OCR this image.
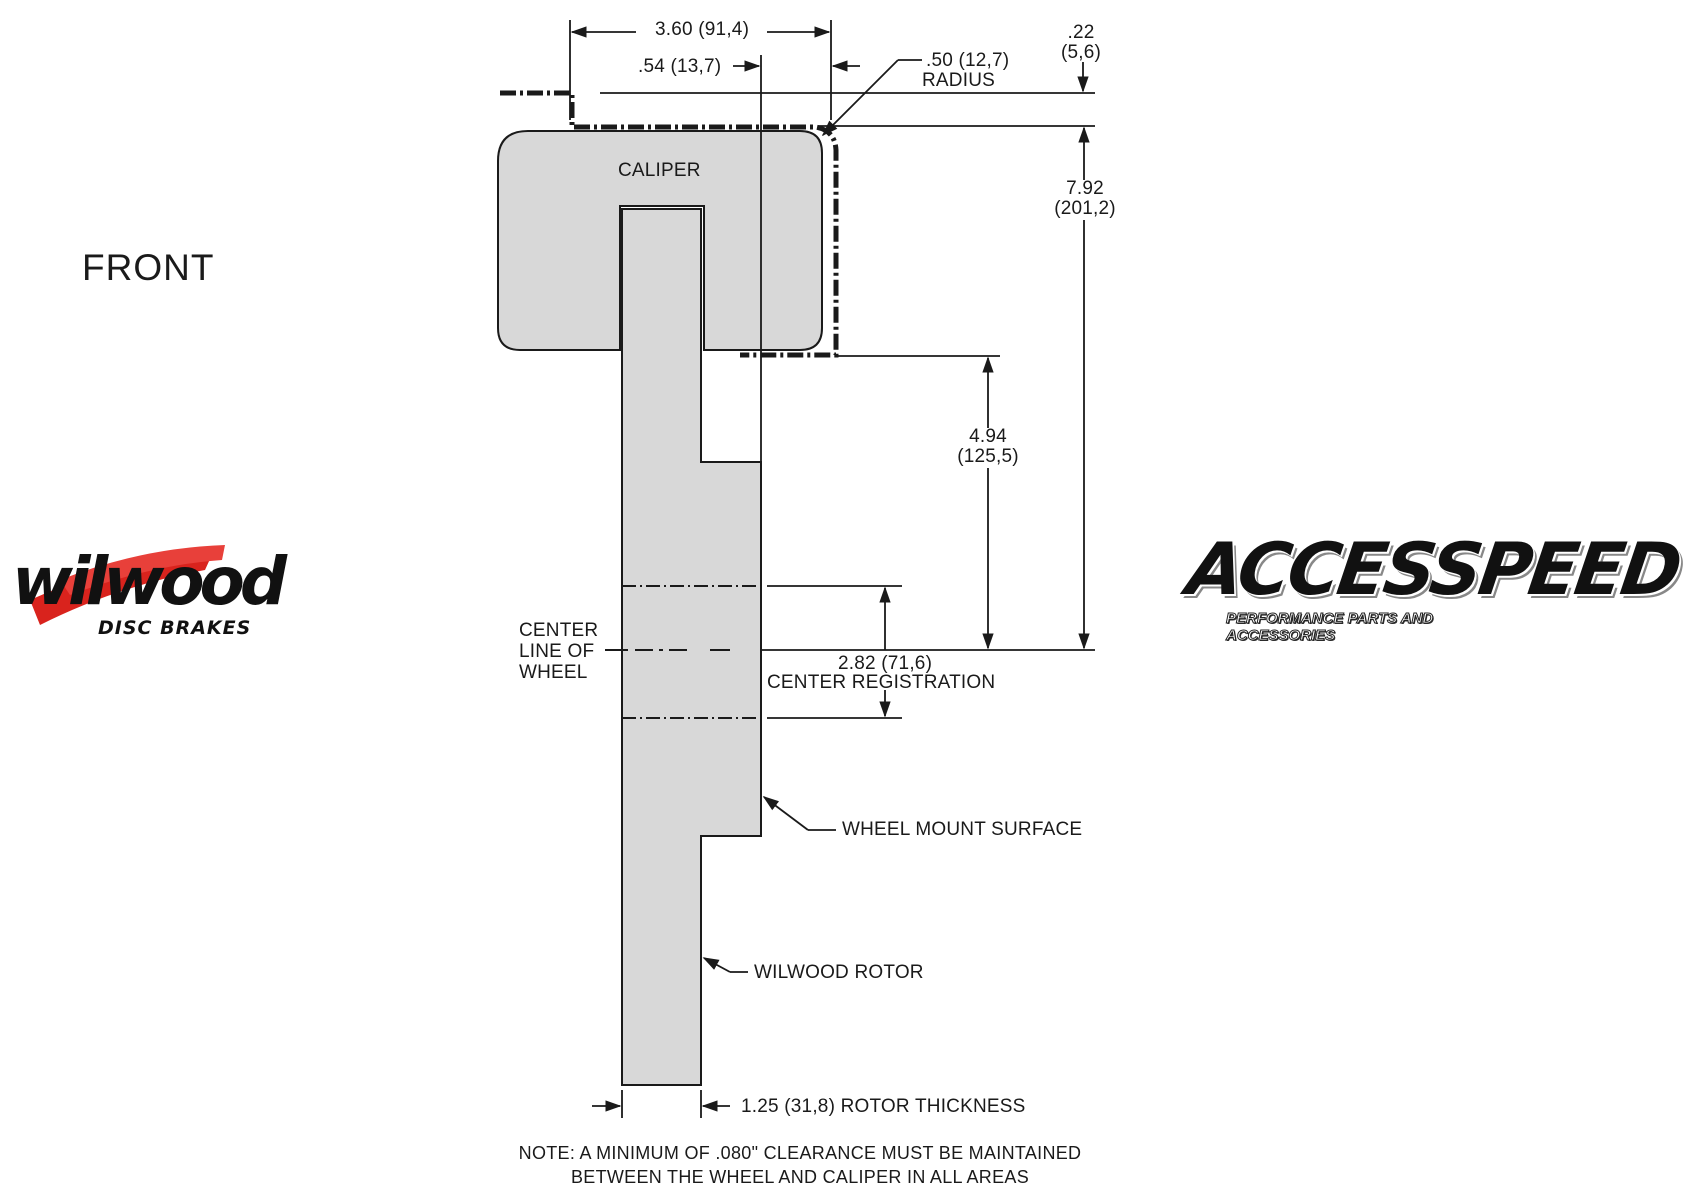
FRONT
3.60 (91,4)
.54 (13,7)	.50 (12,7)
RADIUS
.22
(5,6)
7.92
(201,2)
4.94
(125,5)
2.82 (71,6)
CENTER REGISTRATION
1.25 (31,8) ROTOR THICKNESS
CALIPER
CENTER
LINE OF
WHEEL
WHEEL MOUNT SURFACE
WILWOOD ROTOR
NOTE: A MINIMUM OF .080" CLEARANCE MUST BE MAINTAINED
BETWEEN THE WHEEL AND CALIPER IN ALL AREAS
wilwood
DISC BRAKES
ACCESSPEED
PERFORMANCE PARTS AND ACCESSORIES
